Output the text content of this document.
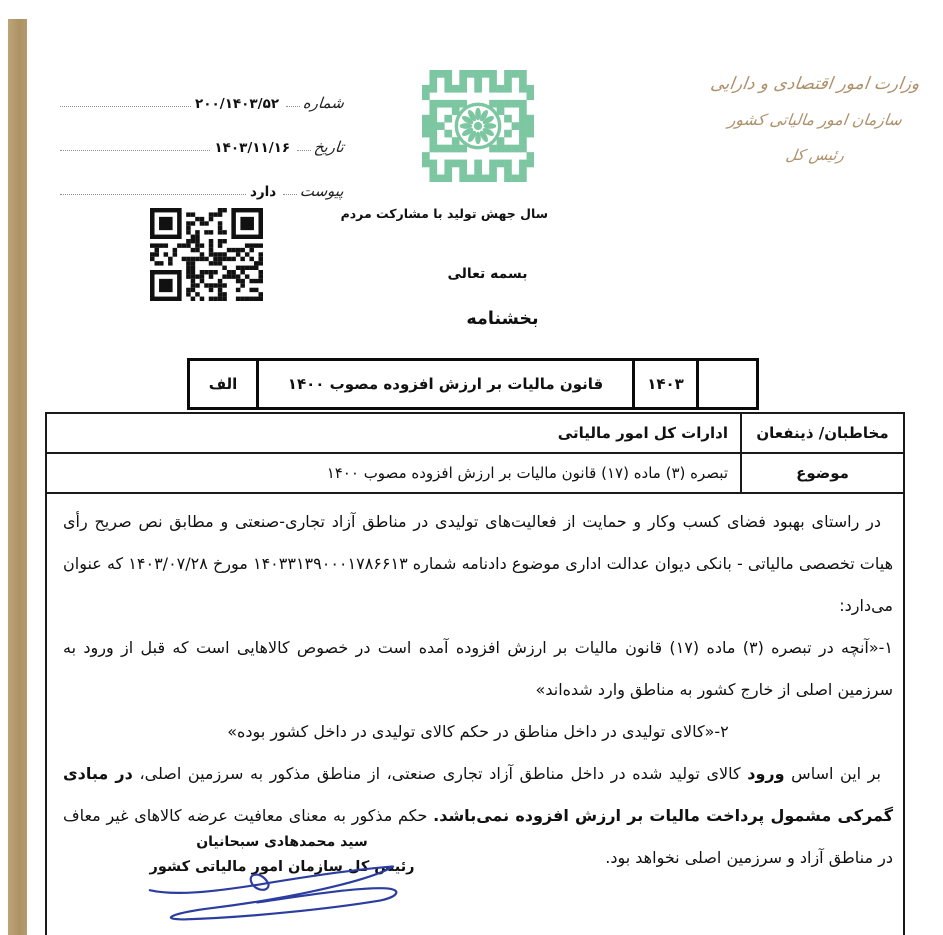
شماره
۲۰۰/۱۴۰۳/۵۲
تاریخ
۱۴۰۳/۱۱/۱۶
پیوست
دارد
سال جهش تولید با مشارکت مردم
وزارت امور اقتصادی و دارایی
سازمان امور مالیاتی کشور
رئیس کل
بسمه تعالی
بخشنامه
۱۴۰۳
قانون مالیات بر ارزش افزوده مصوب ۱۴۰۰
الف
مخاطبان/ ذینفعان
ادارات کل امور مالیاتی
موضوع
تبصره (۳) ماده (۱۷) قانون مالیات بر ارزش افزوده مصوب ۱۴۰۰

در راستای بهبود فضای کسب وکار و حمایت از فعالیت‌های تولیدی در مناطق آزاد تجاری-صنعتی و مطابق نص صریح رأی هیات تخصصی مالیاتی - بانکی دیوان عدالت اداری موضوع دادنامه شماره ۱۴۰۳۳۱۳۹۰۰۰۱۷۸۶۶۱۳ مورخ ۱۴۰۳/۰۷/۲۸ که عنوان می‌دارد:

۱-«آنچه در تبصره (۳) ماده (۱۷) قانون مالیات بر ارزش افزوده آمده است در خصوص کالاهایی است که قبل از ورود به سرزمین اصلی از خارج کشور به مناطق وارد شده‌اند»

۲-«کالای تولیدی در داخل مناطق در حکم کالای تولیدی در داخل کشور بوده»

بر این اساس ورود کالای تولید شده در داخل مناطق آزاد تجاری صنعتی، از مناطق مذکور به سرزمین اصلی، در مبادی گمرکی مشمول پرداخت مالیات بر ارزش افزوده نمی‌باشد. حکم مذکور به معنای معافیت عرضه کالاهای غیر معاف در مناطق آزاد و سرزمین اصلی نخواهد بود.

سید محمدهادی سبحانیان
رئیس کل سازمان امور مالیاتی کشور
